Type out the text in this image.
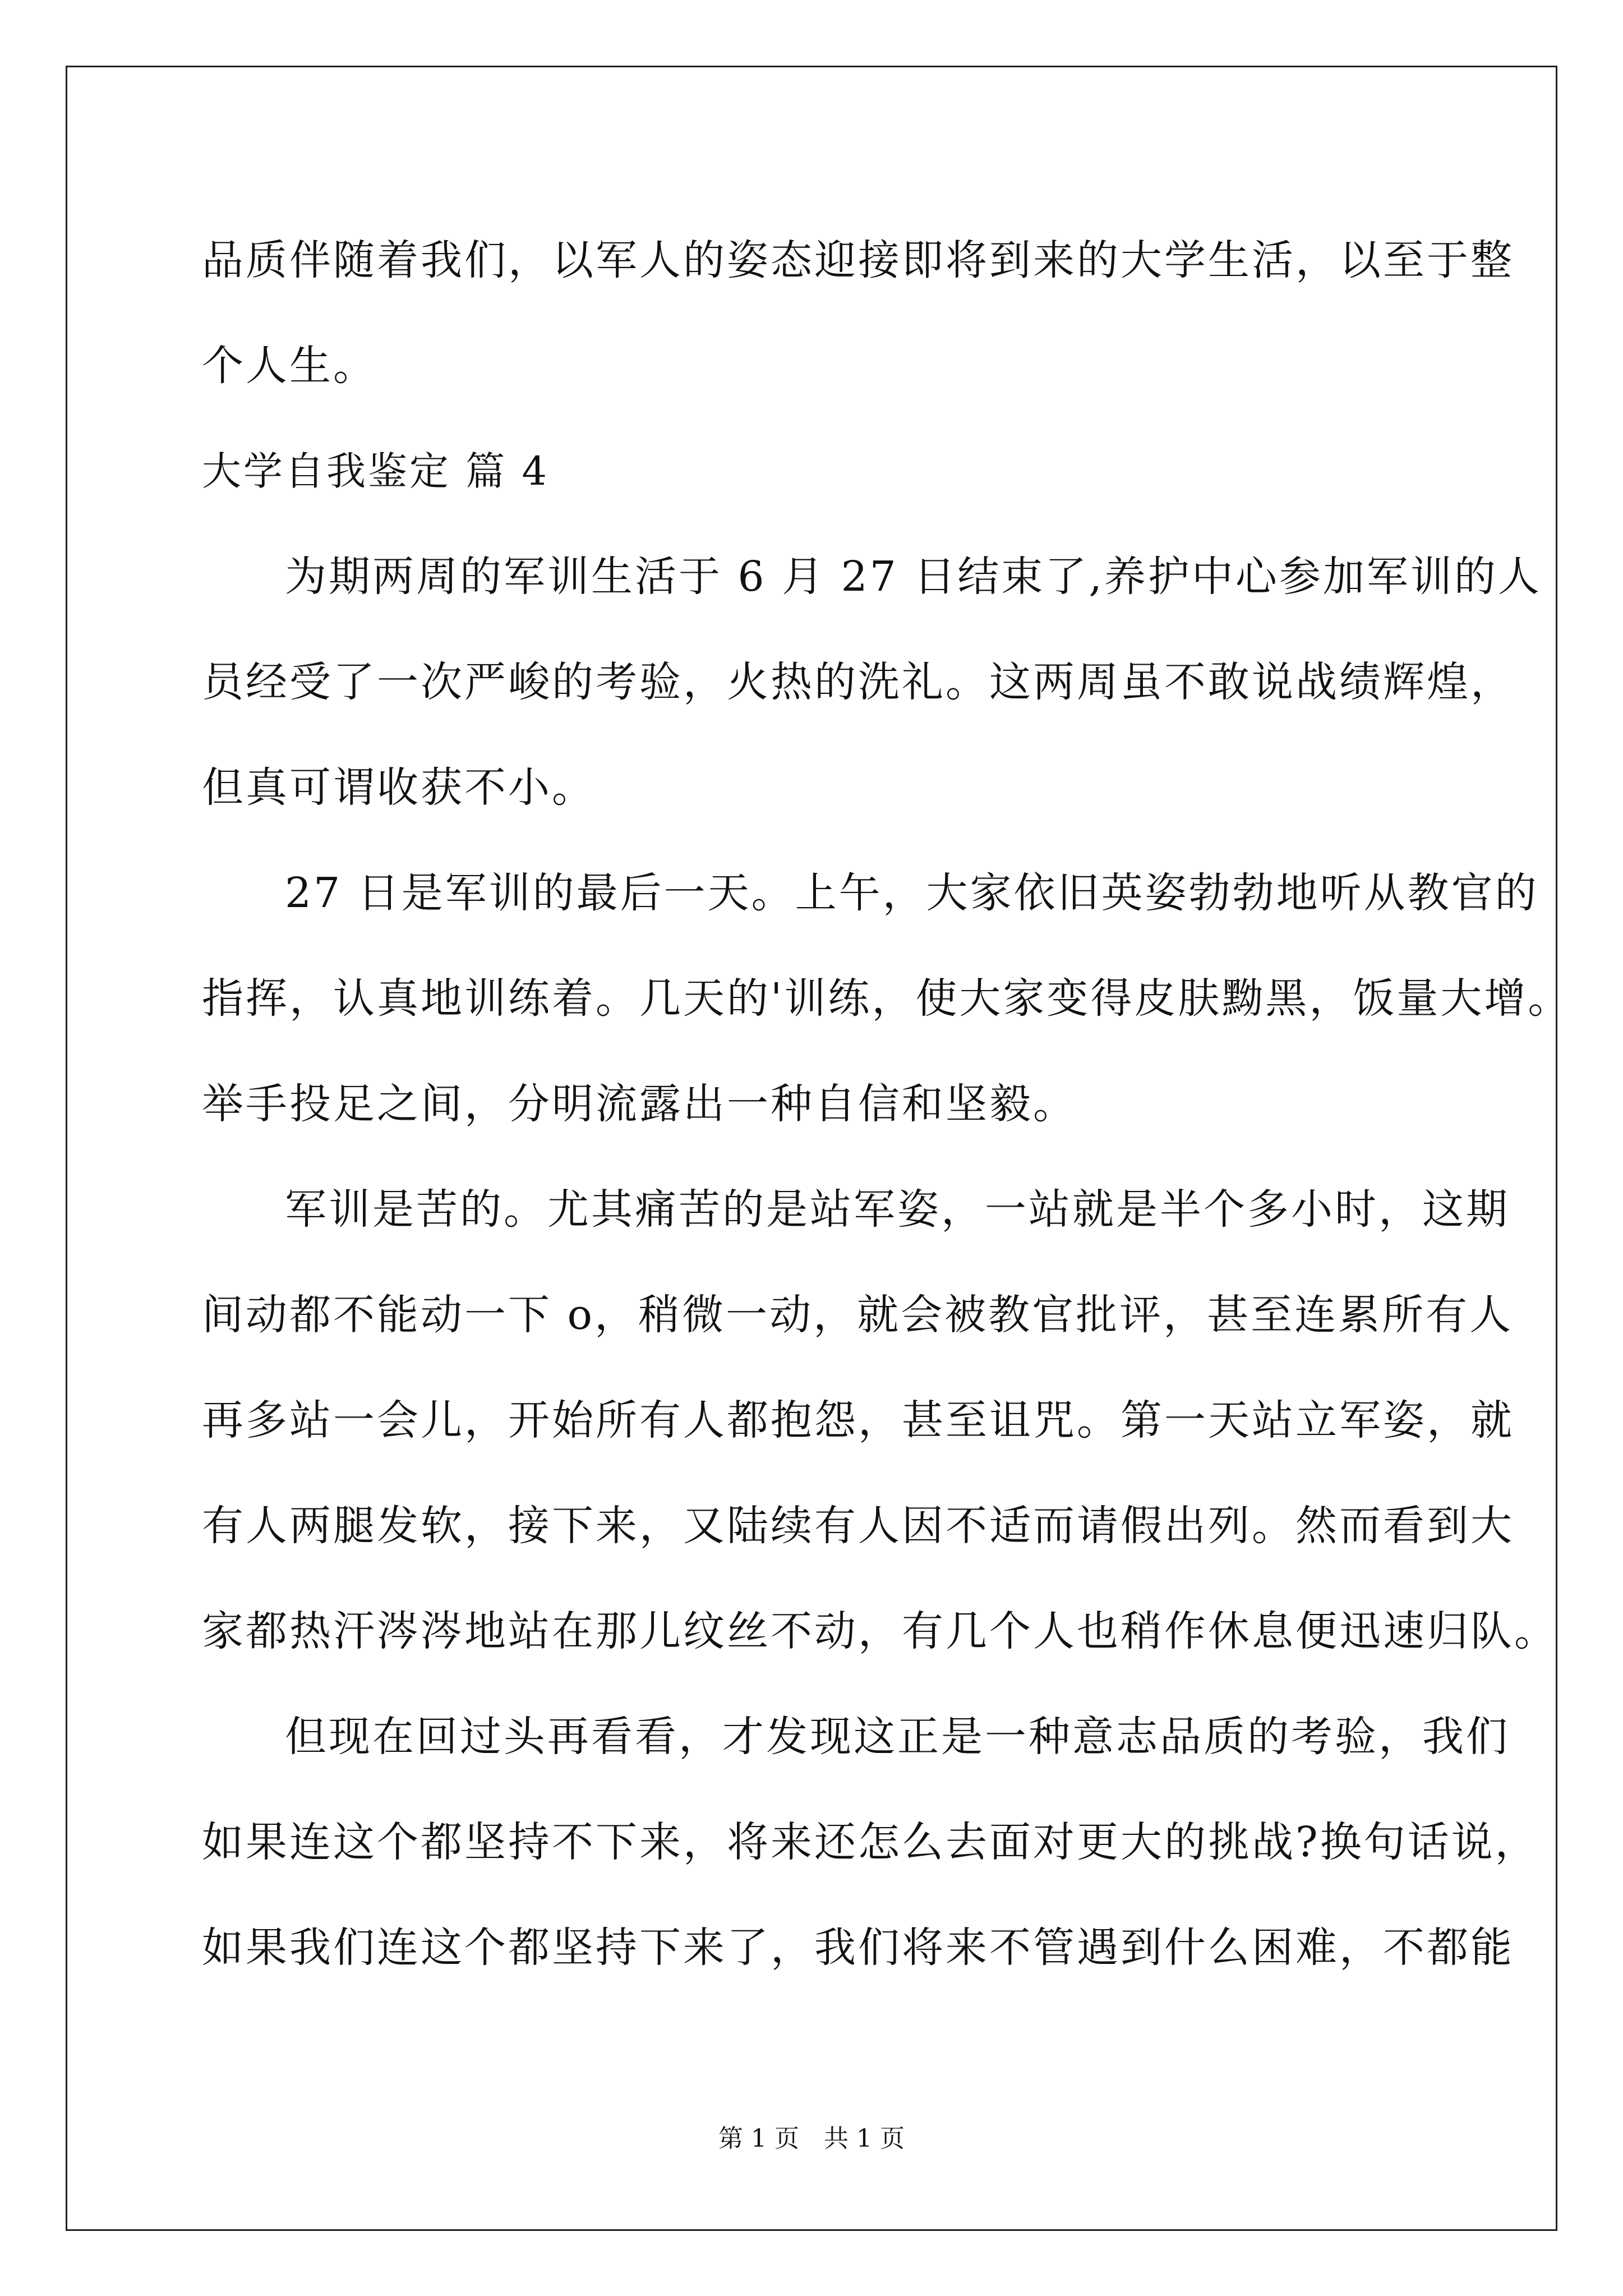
品质伴随着我们，以军人的姿态迎接即将到来的大学生活，以至于整
个人生。
大学自我鉴定 篇 4
为期两周的军训生活于 6 月 27 日结束了,养护中心参加军训的人
员经受了一次严峻的考验，火热的洗礼。这两周虽不敢说战绩辉煌，
但真可谓收获不小。
27 日是军训的最后一天。上午，大家依旧英姿勃勃地听从教官的
指挥，认真地训练着。几天的'训练，使大家变得皮肤黝黑，饭量大增。
举手投足之间，分明流露出一种自信和坚毅。
军训是苦的。尤其痛苦的是站军姿，一站就是半个多小时，这期
间动都不能动一下 o，稍微一动，就会被教官批评，甚至连累所有人
再多站一会儿，开始所有人都抱怨，甚至诅咒。第一天站立军姿，就
有人两腿发软，接下来，又陆续有人因不适而请假出列。然而看到大
家都热汗涔涔地站在那儿纹丝不动，有几个人也稍作休息便迅速归队。
但现在回过头再看看，才发现这正是一种意志品质的考验，我们
如果连这个都坚持不下来，将来还怎么去面对更大的挑战?换句话说，
如果我们连这个都坚持下来了，我们将来不管遇到什么困难，不都能
第 1 页　共 1 页
